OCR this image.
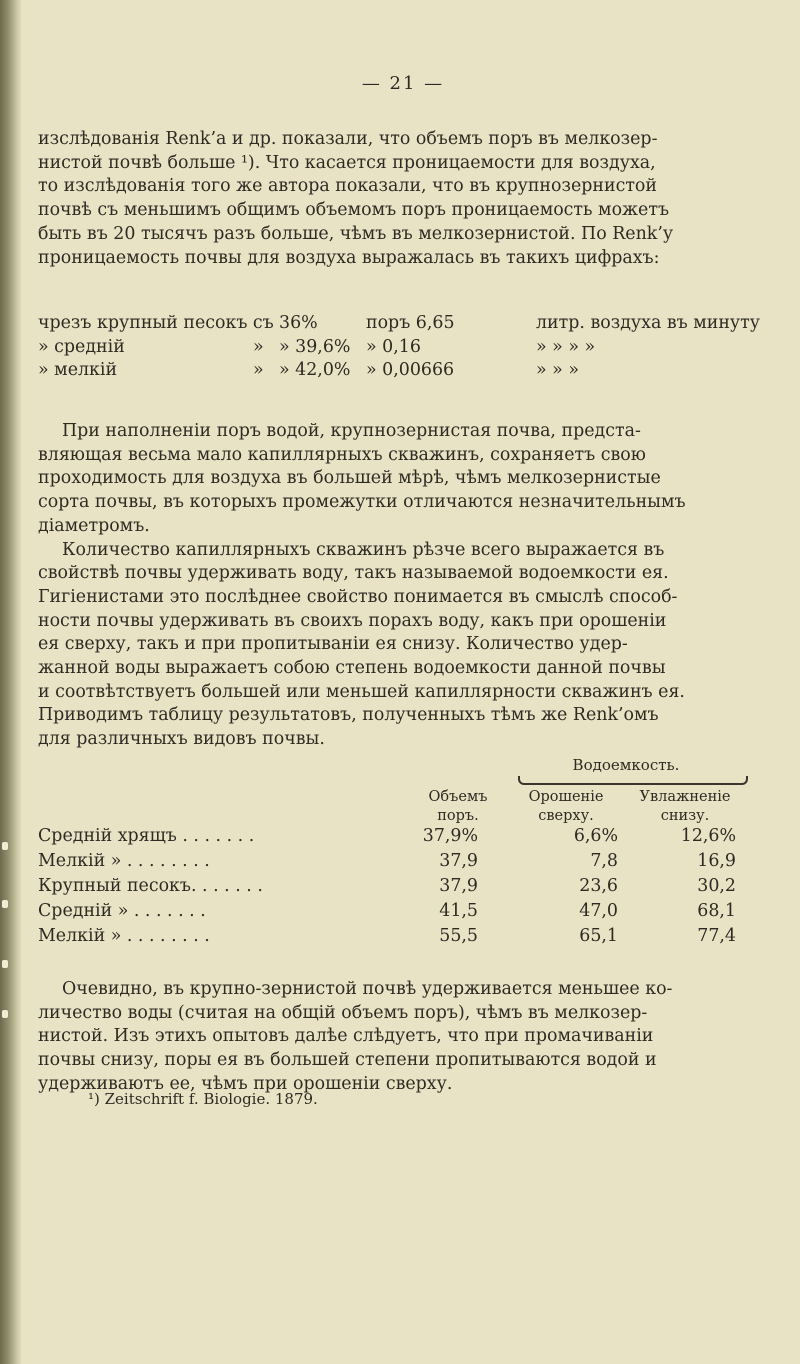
— 21 —

изслѣдованія Renk’а и др. показали, что объемъ поръ въ мелкозер-

нистой почвѣ больше ¹). Что касается проницаемости для воздуха,

то изслѣдованія того же автора показали, что въ крупнозернистой

почвѣ съ меньшимъ общимъ объемомъ поръ проницаемость можетъ

быть въ 20 тысячъ разъ больше, чѣмъ въ мелкозернистой. По Renk’у

проницаемость почвы для воздуха выражалась въ такихъ цифрахъ:

чрезъ крупный песокъ съ 36%	поръ 6,65	литр. воздуха въ минуту
» средній	» » 39,6% » 0,16	» » » »
» мелкій	» » 42,0% » 0,00666	» » »

При наполненіи поръ водой, крупнозернистая почва, предста-

вляющая весьма мало капиллярныхъ скважинъ, сохраняетъ свою

проходимость для воздуха въ большей мѣрѣ, чѣмъ мелкозернистые

сорта почвы, въ которыхъ промежутки отличаются незначительнымъ

діаметромъ.

Количество капиллярныхъ скважинъ рѣзче всего выражается въ

свойствѣ почвы удерживать воду, такъ называемой водоемкости ея.

Гигіенистами это послѣднее свойство понимается въ смыслѣ способ-

ности почвы удерживать въ своихъ порахъ воду, какъ при орошеніи

ея сверху, такъ и при пропитываніи ея снизу. Количество удер-

жанной воды выражаетъ собою степень водоемкости данной почвы

и соотвѣтствуетъ большей или меньшей капиллярности скважинъ ея.

Приводимъ таблицу результатовъ, полученныхъ тѣмъ же Renk’омъ

для различныхъ видовъ почвы.

Водоемкость.
Объемъ
поръ.
Орошеніе
сверху.
Увлажненіе
снизу.
Средній хрящъ . . . . . . .	37,9%	6,6%	12,6%
Мелкій » . . . . . . . .	37,9	7,8	16,9
Крупный песокъ. . . . . . .	37,9	23,6	30,2
Средній » . . . . . . .	41,5	47,0	68,1
Мелкій » . . . . . . . .	55,5	65,1	77,4

Очевидно, въ крупно-зернистой почвѣ удерживается меньшее ко-

личество воды (считая на общій объемъ поръ), чѣмъ въ мелкозер-

нистой. Изъ этихъ опытовъ далѣе слѣдуетъ, что при промачиваніи

почвы снизу, поры ея въ большей степени пропитываются водой и

удерживаютъ ее, чѣмъ при орошеніи сверху.

¹) Zeitschrift f. Biologie. 1879.
